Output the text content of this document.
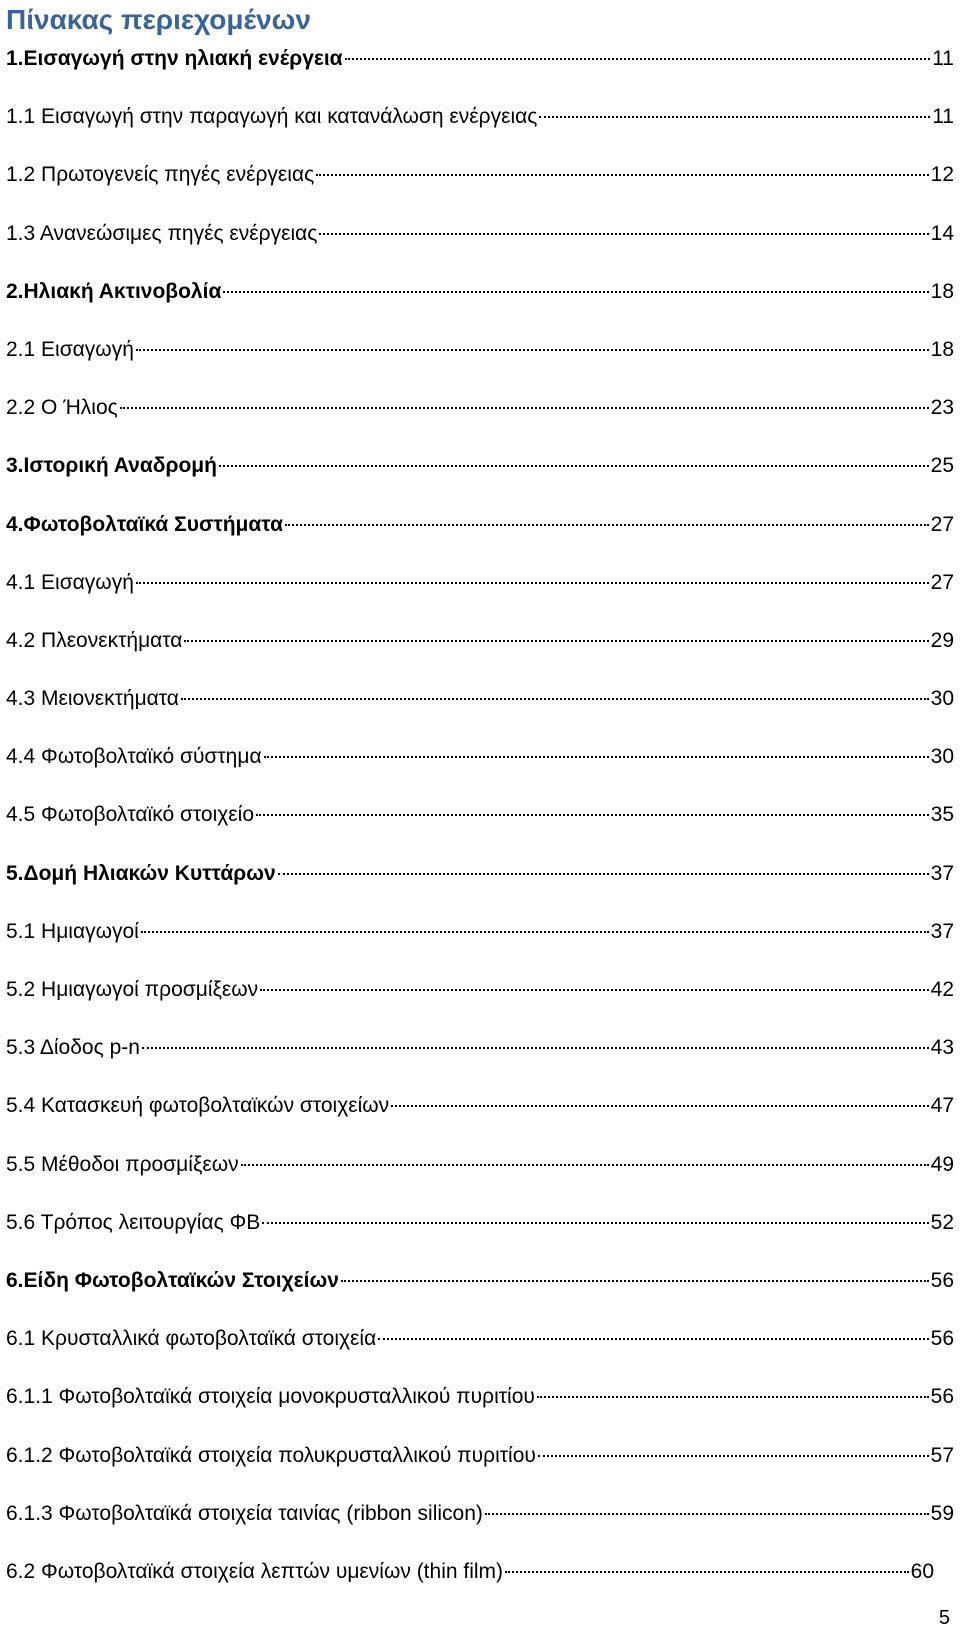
Πίνακας περιεχομένων
1.Εισαγωγή στην ηλιακή ενέργεια	11
1.1 Εισαγωγή στην παραγωγή και κατανάλωση ενέργειας	11
1.2 Πρωτογενείς πηγές ενέργειας	12
1.3 Ανανεώσιμες πηγές ενέργειας	14
2.Ηλιακή Ακτινοβολία	18
2.1 Εισαγωγή	18
2.2 Ο Ήλιος	23
3.Ιστορική Αναδρομή	25
4.Φωτοβολταϊκά Συστήματα	27
4.1 Εισαγωγή	27
4.2 Πλεονεκτήματα	29
4.3 Μειονεκτήματα	30
4.4 Φωτοβολταϊκό σύστημα	30
4.5 Φωτοβολταϊκό στοιχείο	35
5.Δομή Ηλιακών Κυττάρων	37
5.1 Ημιαγωγοί	37
5.2 Ημιαγωγοί προσμίξεων	42
5.3 Δίοδος p-n	43
5.4 Κατασκευή φωτοβολταϊκών στοιχείων	47
5.5 Μέθοδοι προσμίξεων	49
5.6 Τρόπος λειτουργίας ΦΒ	52
6.Είδη Φωτοβολταϊκών Στοιχείων	56
6.1 Κρυσταλλικά φωτοβολταϊκά στοιχεία	56
6.1.1 Φωτοβολταϊκά στοιχεία μονοκρυσταλλικού πυριτίου	56
6.1.2 Φωτοβολταϊκά στοιχεία πολυκρυσταλλικού πυριτίου	57
6.1.3 Φωτοβολταϊκά στοιχεία ταινίας (ribbon silicon)	59
6.2 Φωτοβολταϊκά στοιχεία λεπτών υμενίων (thin film)	60
5
